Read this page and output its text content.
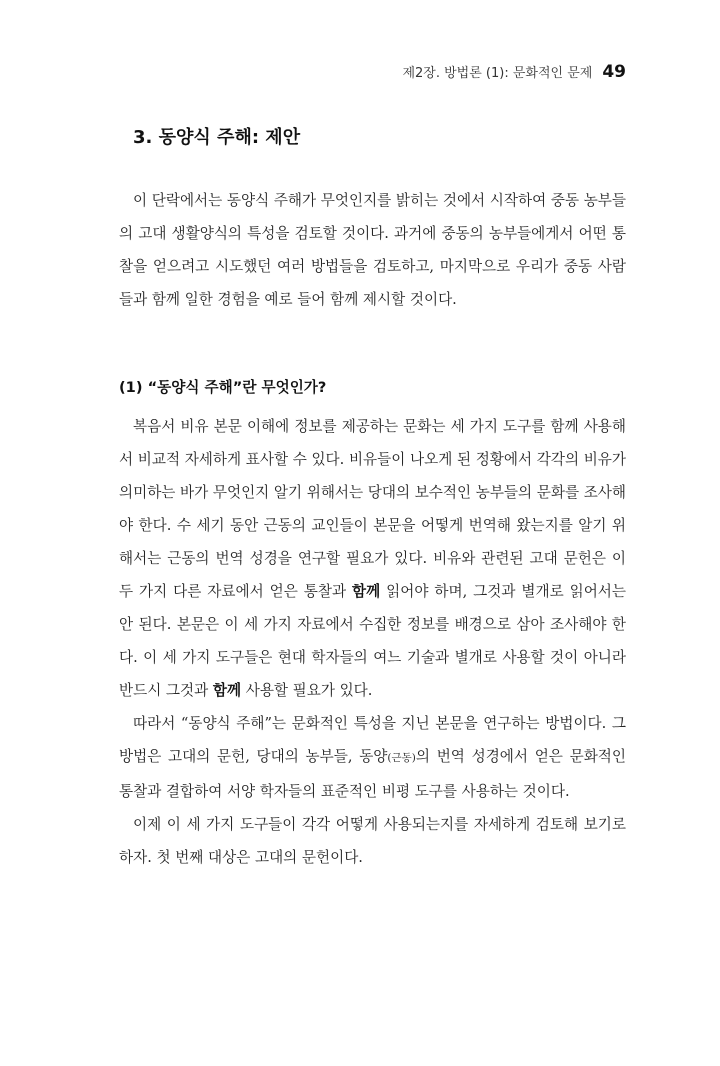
제2장. 방법론 (1): 문화적인 문제 49
3. 동양식 주해: 제안

이 단락에서는 동양식 주해가 무엇인지를 밝히는 것에서 시작하여 중동 농부들의 고대 생활양식의 특성을 검토할 것이다. 과거에 중동의 농부들에게서 어떤 통찰을 얻으려고 시도했던 여러 방법들을 검토하고, 마지막으로 우리가 중동 사람들과 함께 일한 경험을 예로 들어 함께 제시할 것이다.

(1) “동양식 주해”란 무엇인가?

복음서 비유 본문 이해에 정보를 제공하는 문화는 세 가지 도구를 함께 사용해서 비교적 자세하게 표사할 수 있다. 비유들이 나오게 된 정황에서 각각의 비유가 의미하는 바가 무엇인지 알기 위해서는 당대의 보수적인 농부들의 문화를 조사해야 한다. 수 세기 동안 근동의 교인들이 본문을 어떻게 번역해 왔는지를 알기 위해서는 근동의 번역 성경을 연구할 필요가 있다. 비유와 관련된 고대 문헌은 이 두 가지 다른 자료에서 얻은 통찰과 함께 읽어야 하며, 그것과 별개로 읽어서는 안 된다. 본문은 이 세 가지 자료에서 수집한 정보를 배경으로 삼아 조사해야 한다. 이 세 가지 도구들은 현대 학자들의 여느 기술과 별개로 사용할 것이 아니라 반드시 그것과 함께 사용할 필요가 있다.

따라서 “동양식 주해”는 문화적인 특성을 지닌 본문을 연구하는 방법이다. 그 방법은 고대의 문헌, 당대의 농부들, 동양(근동)의 번역 성경에서 얻은 문화적인 통찰과 결합하여 서양 학자들의 표준적인 비평 도구를 사용하는 것이다.

이제 이 세 가지 도구들이 각각 어떻게 사용되는지를 자세하게 검토해 보기로 하자. 첫 번째 대상은 고대의 문헌이다.
